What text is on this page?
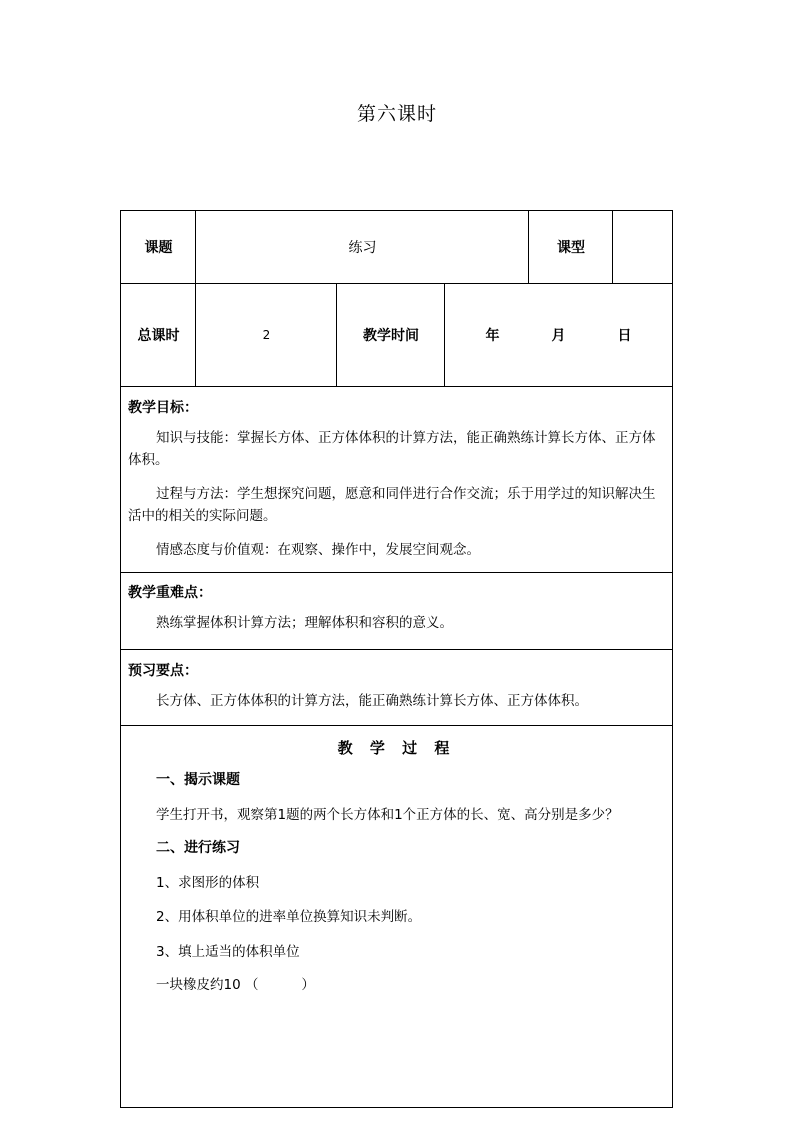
第六课时
课题	练习	课型
总课时	2	教学时间	年	月	日
教学目标：

知识与技能：掌握长方体、正方体体积的计算方法，能正确熟练计算长方体、正方体体积。

过程与方法：学生想探究问题，愿意和同伴进行合作交流；乐于用学过的知识解决生活中的相关的实际问题。

情感态度与价值观：在观察、操作中，发展空间观念。

教学重难点：

熟练掌握体积计算方法；理解体积和容积的意义。

预习要点：

长方体、正方体体积的计算方法，能正确熟练计算长方体、正方体体积。

教 学 过 程
一、揭示课题
学生打开书，观察第1题的两个长方体和1个正方体的长、宽、高分别是多少？
二、进行练习
1、求图形的体积
2、用体积单位的进率单位换算知识未判断。
3、填上适当的体积单位
一块橡皮约10 （          ）
